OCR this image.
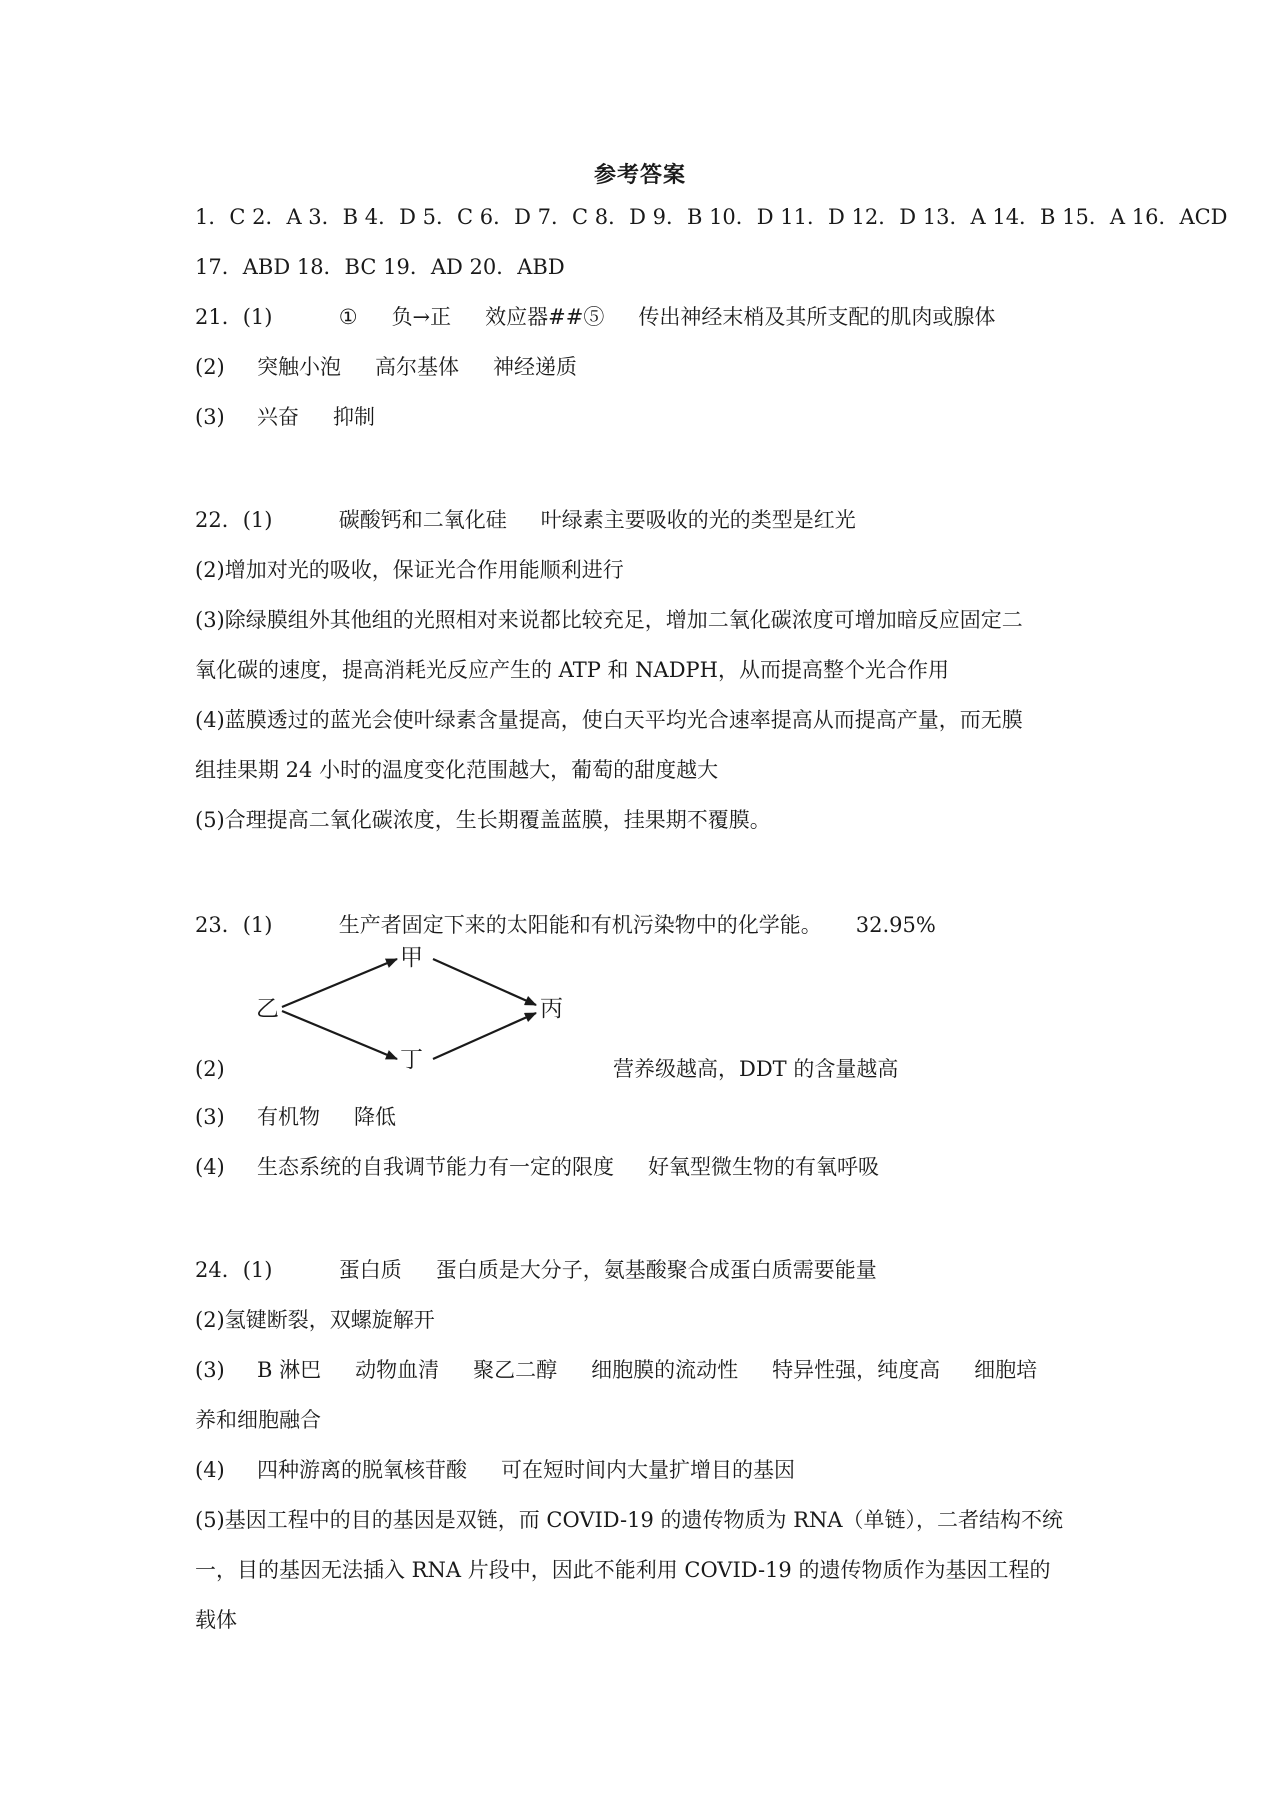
参考答案
1．C 2．A 3．B 4．D 5．C 6．D 7．C 8．D 9．B 10．D 11．D 12．D 13．A 14．B 15．A 16．ACD
17．ABD 18．BC 19．AD 20．ABD
21．(1)	① 负→正 效应器##⑤ 传出神经末梢及其所支配的肌肉或腺体
(2) 突触小泡 高尔基体 神经递质
(3) 兴奋 抑制
22．(1)	碳酸钙和二氧化硅 叶绿素主要吸收的光的类型是红光
(2)增加对光的吸收，保证光合作用能顺利进行
(3)除绿膜组外其他组的光照相对来说都比较充足，增加二氧化碳浓度可增加暗反应固定二
氧化碳的速度，提高消耗光反应产生的 ATP 和 NADPH，从而提高整个光合作用
(4)蓝膜透过的蓝光会使叶绿素含量提高，使白天平均光合速率提高从而提高产量，而无膜
组挂果期 24 小时的温度变化范围越大，葡萄的甜度越大
(5)合理提高二氧化碳浓度，生长期覆盖蓝膜，挂果期不覆膜。
23．(1)	生产者固定下来的太阳能和有机污染物中的化学能。 32.95%
甲
乙	丙
丁
(2)	营养级越高，DDT 的含量越高
(3) 有机物 降低
(4) 生态系统的自我调节能力有一定的限度 好氧型微生物的有氧呼吸
24．(1)	蛋白质 蛋白质是大分子，氨基酸聚合成蛋白质需要能量
(2)氢键断裂，双螺旋解开
(3) B 淋巴 动物血清 聚乙二醇 细胞膜的流动性 特异性强，纯度高 细胞培
养和细胞融合
(4) 四种游离的脱氧核苷酸 可在短时间内大量扩增目的基因
(5)基因工程中的目的基因是双链，而 COVID-19 的遗传物质为 RNA（单链），二者结构不统
一，目的基因无法插入 RNA 片段中，因此不能利用 COVID-19 的遗传物质作为基因工程的
载体
